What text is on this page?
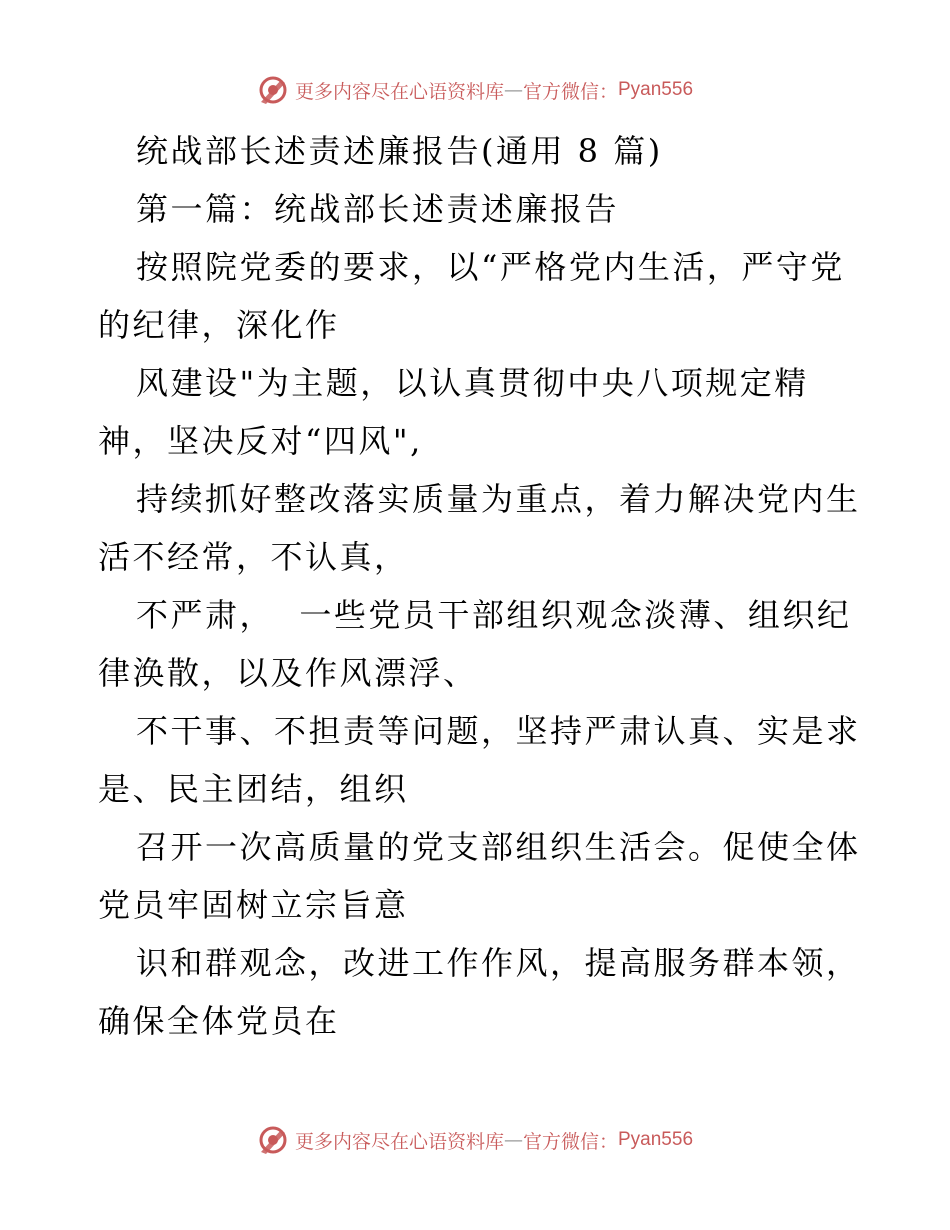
更多内容尽在心语资料库 — 官方微信： Pyan556
统战部长述责述廉报告(通用 8 篇)
第一篇：统战部长述责述廉报告
按照院党委的要求，以“严格党内生活，严守党
的纪律，深化作
风建设"为主题，以认真贯彻中央八项规定精
神，坚决反对“四风",
持续抓好整改落实质量为重点，着力解决党内生
活不经常，不认真，
不严肃，  一些党员干部组织观念淡薄、组织纪
律涣散，以及作风漂浮、
不干事、不担责等问题，坚持严肃认真、实是求
是、民主团结，组织
召开一次高质量的党支部组织生活会。促使全体
党员牢固树立宗旨意
识和群观念，改进工作作风，提高服务群本领，
确保全体党员在
更多内容尽在心语资料库 — 官方微信： Pyan556
